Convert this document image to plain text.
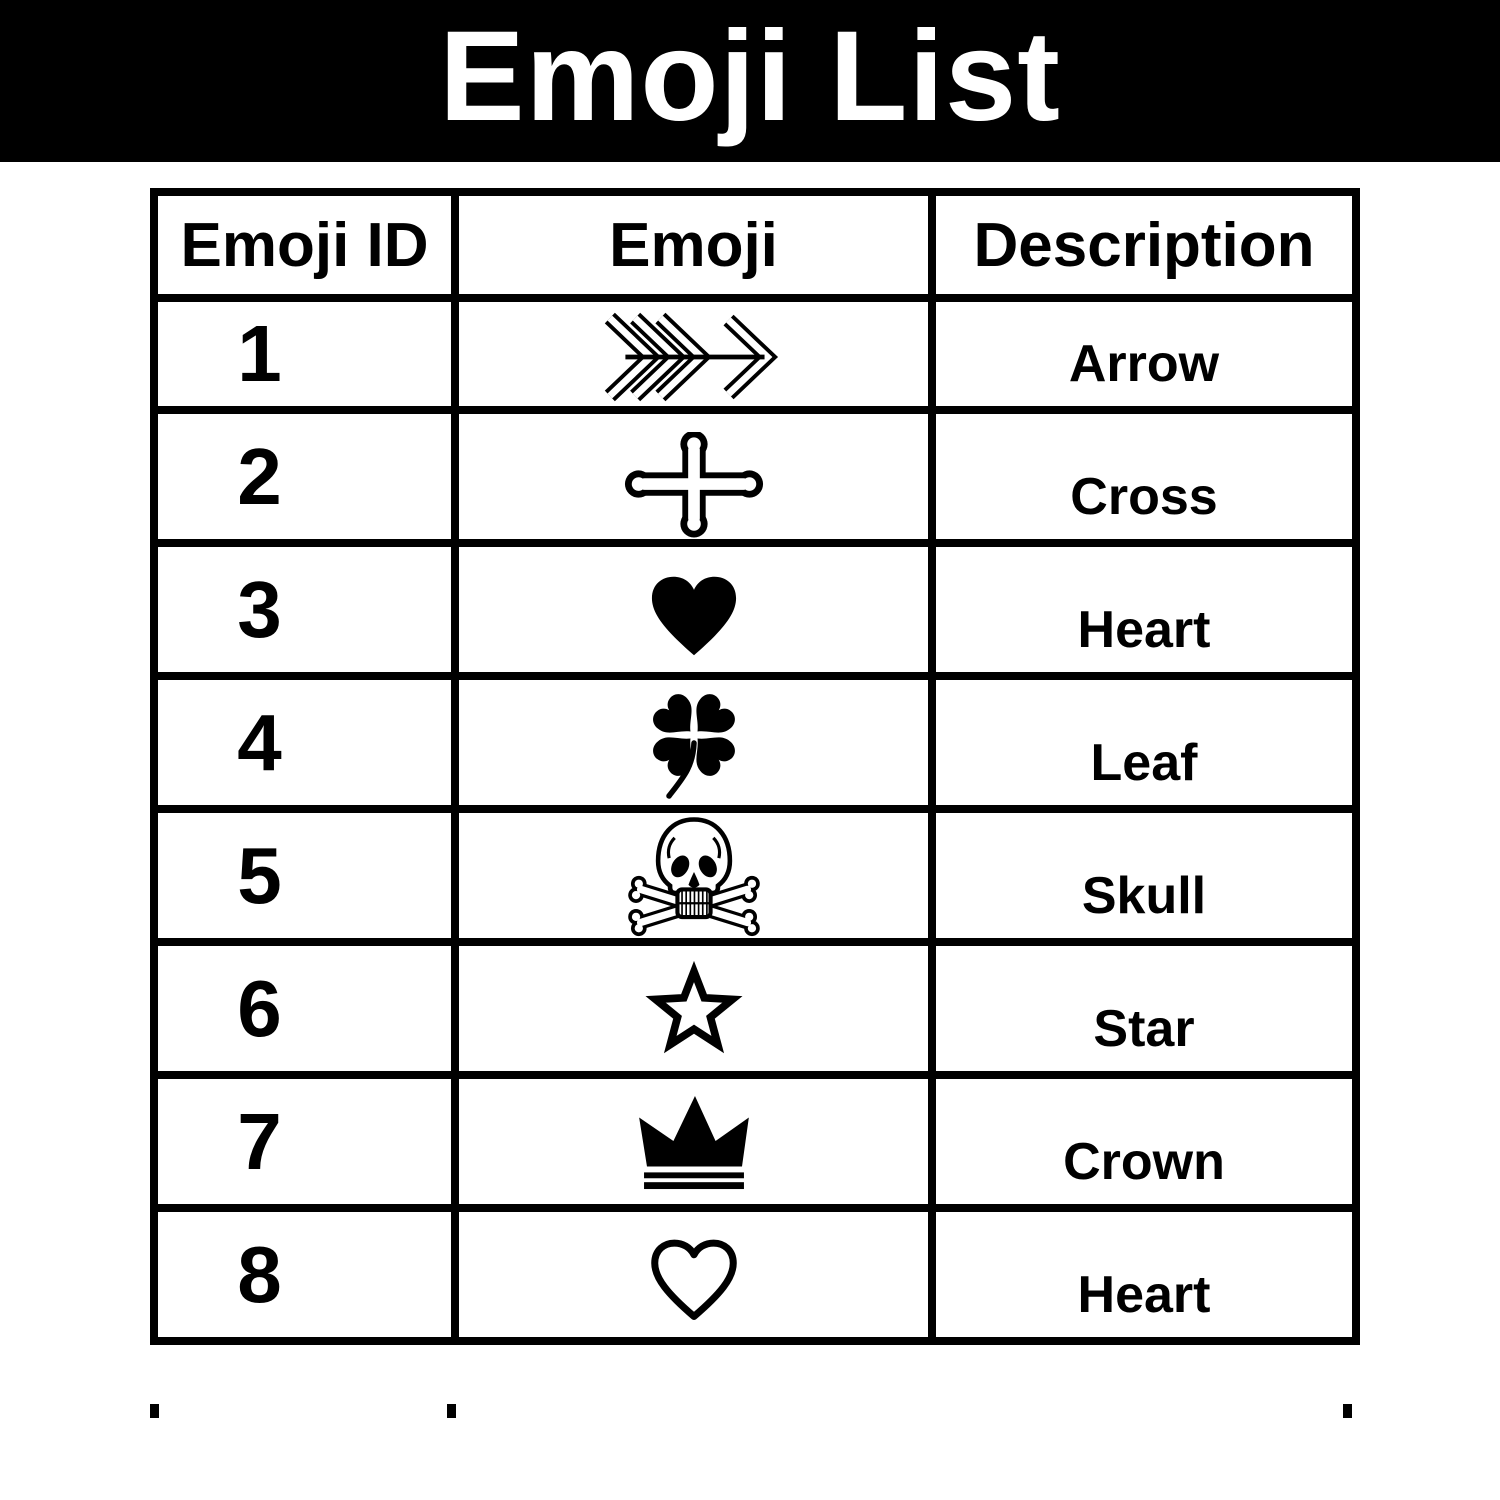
Emoji List
Emoji ID	Emoji	Description
1		Arrow
2		Cross
3		Heart
4		Leaf
5		Skull
6		Star
7		Crown
8		Heart
